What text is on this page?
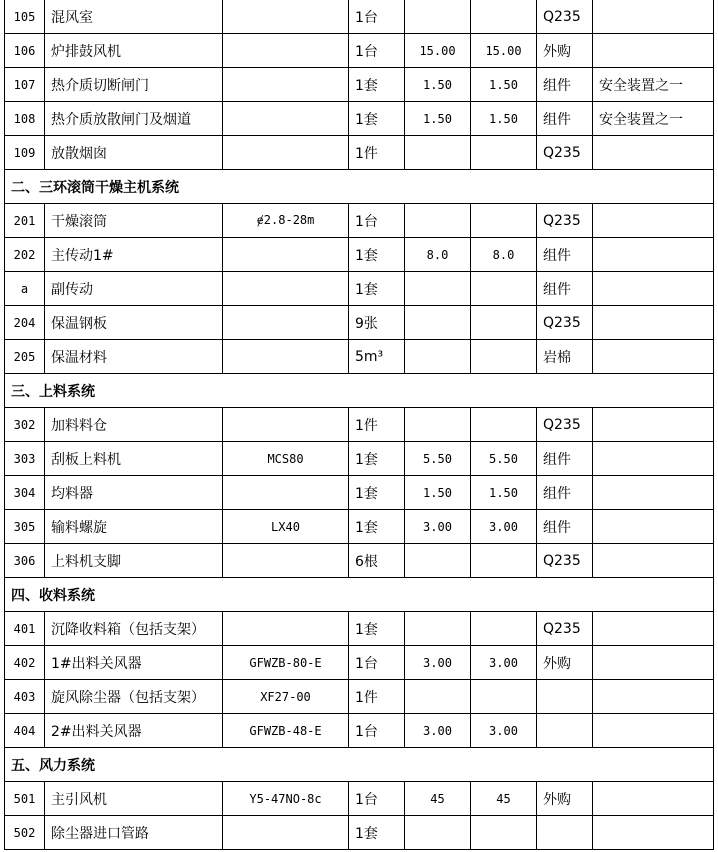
105	混风室		1台			Q235	
106	炉排鼓风机		1台	15.00	15.00	外购	
107	热介质切断闸门		1套	1.50	1.50	组件	安全装置之一
108	热介质放散闸门及烟道		1套	1.50	1.50	组件	安全装置之一
109	放散烟囱		1件			Q235	
二、三环滚筒干燥主机系统							
201	干燥滚筒	ɇ2.8-28m	1台			Q235	
202	主传动1#		1套	8.0	8.0	组件	
a	副传动		1套			组件	
204	保温钢板		9张			Q235	
205	保温材料		5m³			岩棉	
三、上料系统							
302	加料料仓		1件			Q235	
303	刮板上料机	MCS80	1套	5.50	5.50	组件	
304	均料器		1套	1.50	1.50	组件	
305	输料螺旋	LX40	1套	3.00	3.00	组件	
306	上料机支脚		6根			Q235	
四、收料系统							
401	沉降收料箱（包括支架）		1套			Q235	
402	1#出料关风器	GFWZB-80-E	1台	3.00	3.00	外购	
403	旋风除尘器（包括支架）	XF27-00	1件				
404	2#出料关风器	GFWZB-48-E	1台	3.00	3.00		
五、风力系统							
501	主引风机	Y5-47NO-8c	1台	45	45	外购	
502	除尘器进口管路		1套				
